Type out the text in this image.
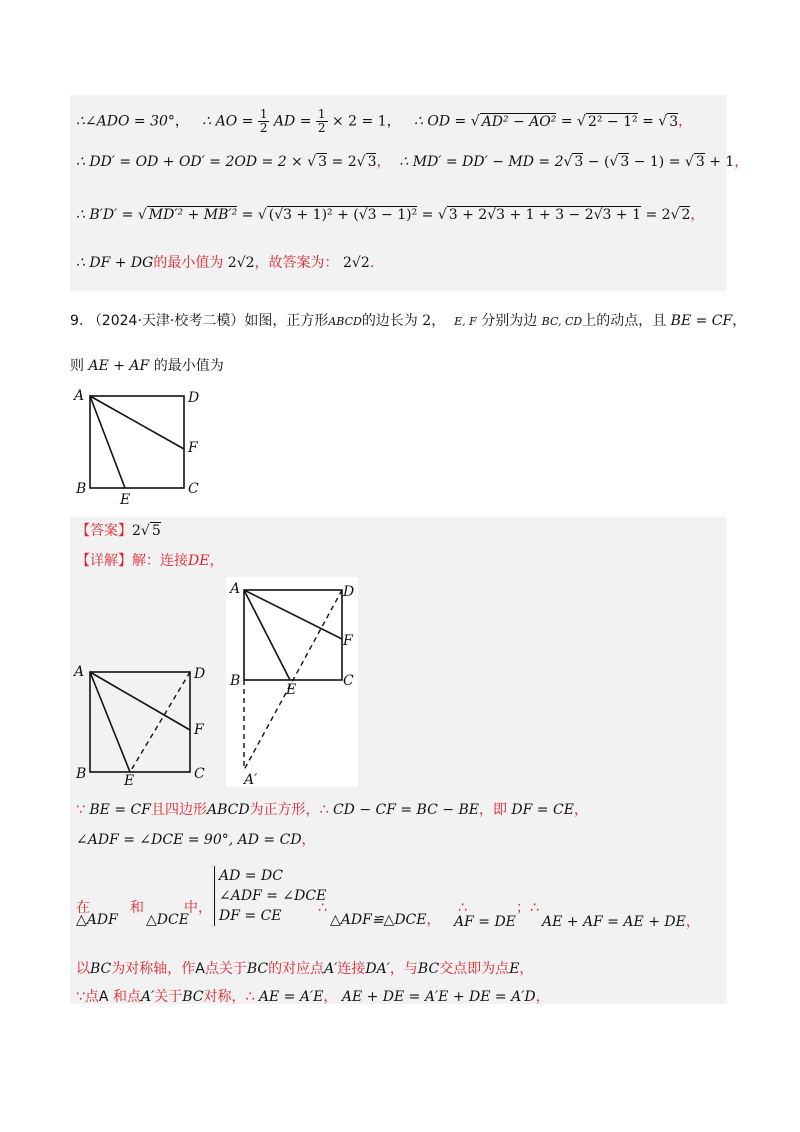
∴∠ADO = 30°， ∴ AO = $\frac{1}{2}$ AD = $\frac{1}{2} \times 2 = 1$， ∴ OD = √ AD² − AO² = √ 2² − 1² = √ 3，
∴ DD′ = OD + OD′ = 2OD = 2 × √ 3 = 2√ 3， ∴ MD′ = DD′ − MD = 2√ 3 − (√ 3 − 1) = √ 3 + 1，
∴ B′D′ = √ MD′² + MB′² = √ (√3 + 1)² + (√3 − 1)² = √ 3 + 2√3 + 1 + 3 − 2√3 + 1 = 2√ 2，
∴ DF + DG的最小值为 2√2，故答案为： 2√2.
9. （2024·天津·校考二模）如图，正方形ABCD的边长为 2， E, F 分别为边 BC, CD上的动点，且 BE = CF，
则 AE + AF 的最小值为
A	D
F
B
E
C
【答案】2√ 5
【详解】解：连接DE，
A	D
F
B	E	C
A	D
F
B
E
C
A′
∵ BE = CF且四边形ABCD为正方形，∴ CD − CF = BC − BE，即 DF = CE，
∠ADF = ∠DCE = 90°, AD = CD，
AD = DC
∠ADF = ∠DCE
DF = CE
在
△ADF
和
△DCE
中，	∴
△ADF≌△DCE，
∴
AF = DE
；∴
AE + AF = AE + DE，
以BC为对称轴，作A点关于BC的对应点A′连接DA′，与BC交点即为点E，
∵点A 和点A′关于BC对称，∴ AE = A′E， AE + DE = A′E + DE = A′D，
